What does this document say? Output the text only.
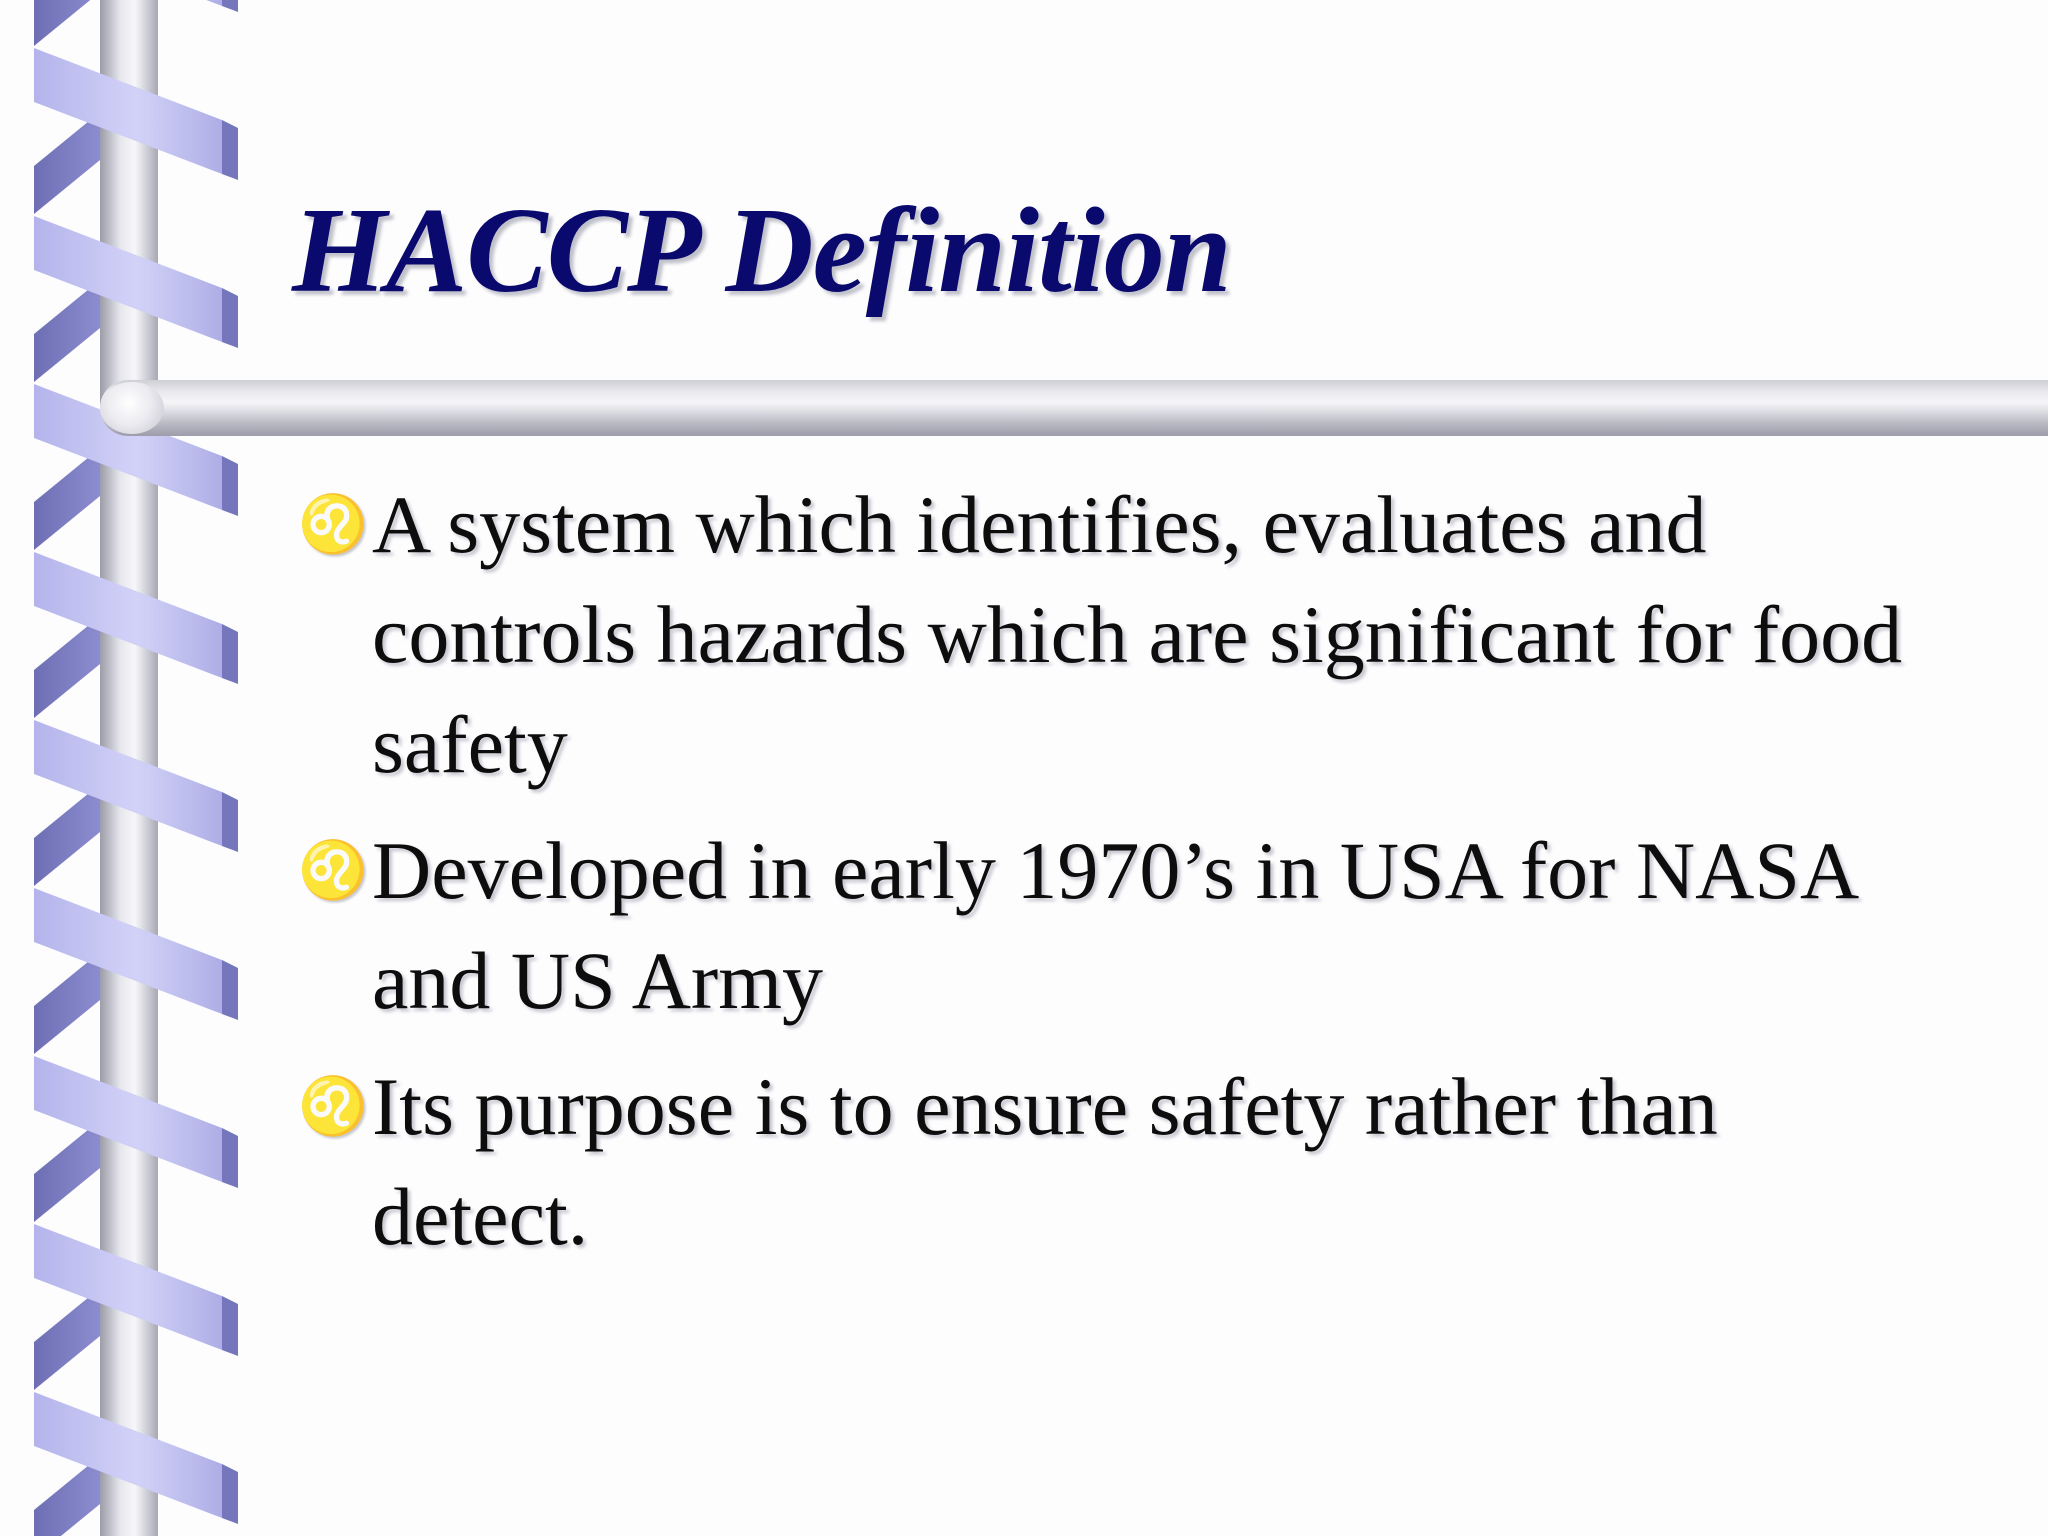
HACCP Definition
♌ A system which identifies, evaluates and controls hazards which are significant for food safety
♌ Developed in early 1970’s in USA for NASA and US Army
♌ Its purpose is to ensure safety rather than detect.
